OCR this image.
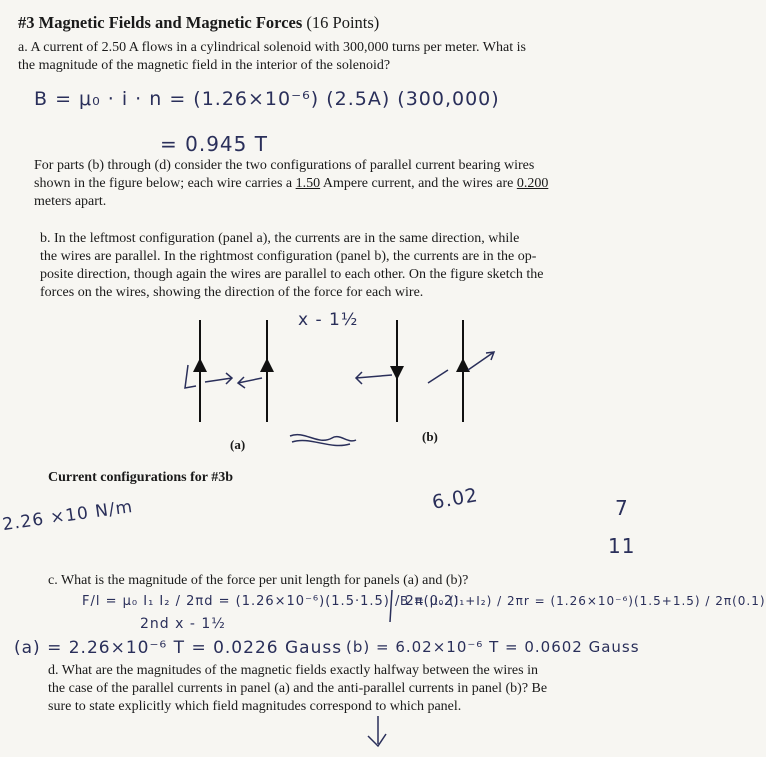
#3 Magnetic Fields and Magnetic Forces (16 Points)
a. A current of 2.50 A flows in a cylindrical solenoid with 300,000 turns per meter. What is
the magnitude of the magnetic field in the interior of the solenoid?
B = μ₀ · i · n = (1.26×10⁻⁶) (2.5A) (300,000)
= 0.945 T
For parts (b) through (d) consider the two configurations of parallel current bearing wires
shown in the figure below; each wire carries a 1.50 Ampere current, and the wires are 0.200
meters apart.
b. In the leftmost configuration (panel a), the currents are in the same direction, while
the wires are parallel. In the rightmost configuration (panel b), the currents are in the op-
posite direction, though again the wires are parallel to each other. On the figure sketch the
forces on the wires, showing the direction of the force for each wire.
x - 1½
(a)
(b)
Current configurations for #3b
2.26 ×10 N/m	6.02	7
11
c. What is the magnitude of the force per unit length for panels (a) and (b)?
F/l = μ₀ I₁ I₂ / 2πd = (1.26×10⁻⁶)(1.5·1.5) / 2π(0.2)
B = μ₀ (I₁+I₂) / 2πr = (1.26×10⁻⁶)(1.5+1.5) / 2π(0.1)
2nd x - 1½
(a) = 2.26×10⁻⁶ T = 0.0226 Gauss (b) = 6.02×10⁻⁶ T = 0.0602 Gauss
d. What are the magnitudes of the magnetic fields exactly halfway between the wires in
the case of the parallel currents in panel (a) and the anti-parallel currents in panel (b)? Be
sure to state explicitly which field magnitudes correspond to which panel.
